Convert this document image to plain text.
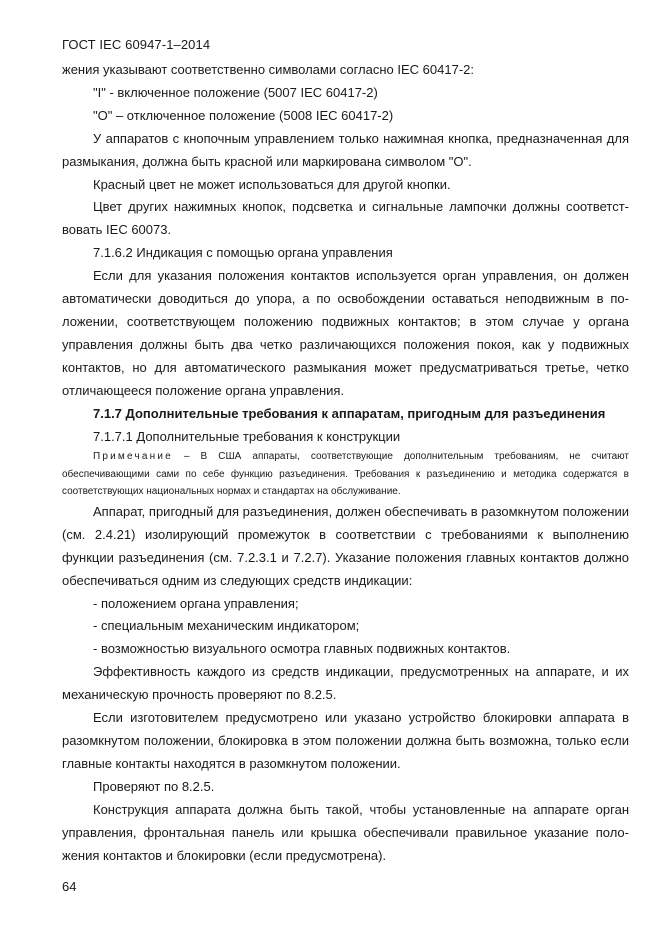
ГОСТ IEC 60947-1–2014

жения указывают соответственно символами согласно IEC 60417-2:

"I" - включенное положение (5007 IEC 60417-2)

"O" – отключенное положение (5008 IEC 60417-2)

У аппаратов с кнопочным управлением только нажимная кнопка, предназначенная для размыкания, должна быть красной или маркирована символом "O".

Красный цвет не может использоваться для другой кнопки.

Цвет других нажимных кнопок, подсветка и сигнальные лампочки должны соответствовать IEC 60073.

7.1.6.2 Индикация с помощью органа управления

Если для указания положения контактов используется орган управления, он должен автоматически доводиться до упора, а по освобождении оставаться неподвижным в положении, соответствующем положению подвижных контактов; в этом случае у органа управления должны быть два четко различающихся положения покоя, как у подвижных контактов, но для автоматического размыкания может предусматриваться третье, четко отличающееся положение органа управления.

7.1.7 Дополнительные требования к аппаратам, пригодным для разъединения

7.1.7.1 Дополнительные требования к конструкции

Примечание – В США аппараты, соответствующие дополнительным требованиям, не считают обеспечивающими сами по себе функцию разъединения. Требования к разъединению и методика содержатся в соответствующих национальных нормах и стандартах на обслуживание.

Аппарат, пригодный для разъединения, должен обеспечивать в разомкнутом положении (см. 2.4.21) изолирующий промежуток в соответствии с требованиями к выполнению функции разъединения (см. 7.2.3.1 и 7.2.7). Указание положения главных контактов должно обеспечиваться одним из следующих средств индикации:

- положением органа управления;

- специальным механическим индикатором;

- возможностью визуального осмотра главных подвижных контактов.

Эффективность каждого из средств индикации, предусмотренных на аппарате, и их механическую прочность проверяют по 8.2.5.

Если изготовителем предусмотрено или указано устройство блокировки аппарата в разомкнутом положении, блокировка в этом положении должна быть возможна, только если главные контакты находятся в разомкнутом положении.

Проверяют по 8.2.5.

Конструкция аппарата должна быть такой, чтобы установленные на аппарате орган управления, фронтальная панель или крышка обеспечивали правильное указание положения контактов и блокировки (если предусмотрена).

64
